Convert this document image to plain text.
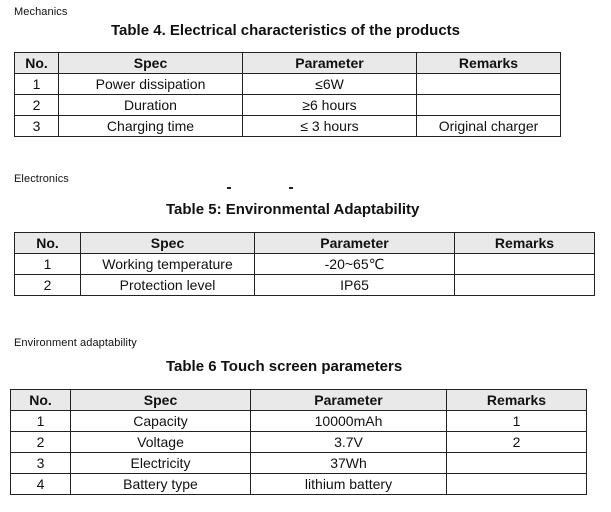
Mechanics
Table 4. Electrical characteristics of the products
No.	Spec	Parameter	Remarks
1	Power dissipation	≤6W	
2	Duration	≥6 hours	
3	Charging time	≤ 3 hours	Original charger
Electronics
Table 5: Environmental Adaptability
No.	Spec	Parameter	Remarks
1	Working temperature	-20~65℃	
2	Protection level	IP65	
Environment adaptability
Table 6 Touch screen parameters
No.	Spec	Parameter	Remarks
1	Capacity	10000mAh	1
2	Voltage	3.7V	2
3	Electricity	37Wh	
4	Battery type	lithium battery	
